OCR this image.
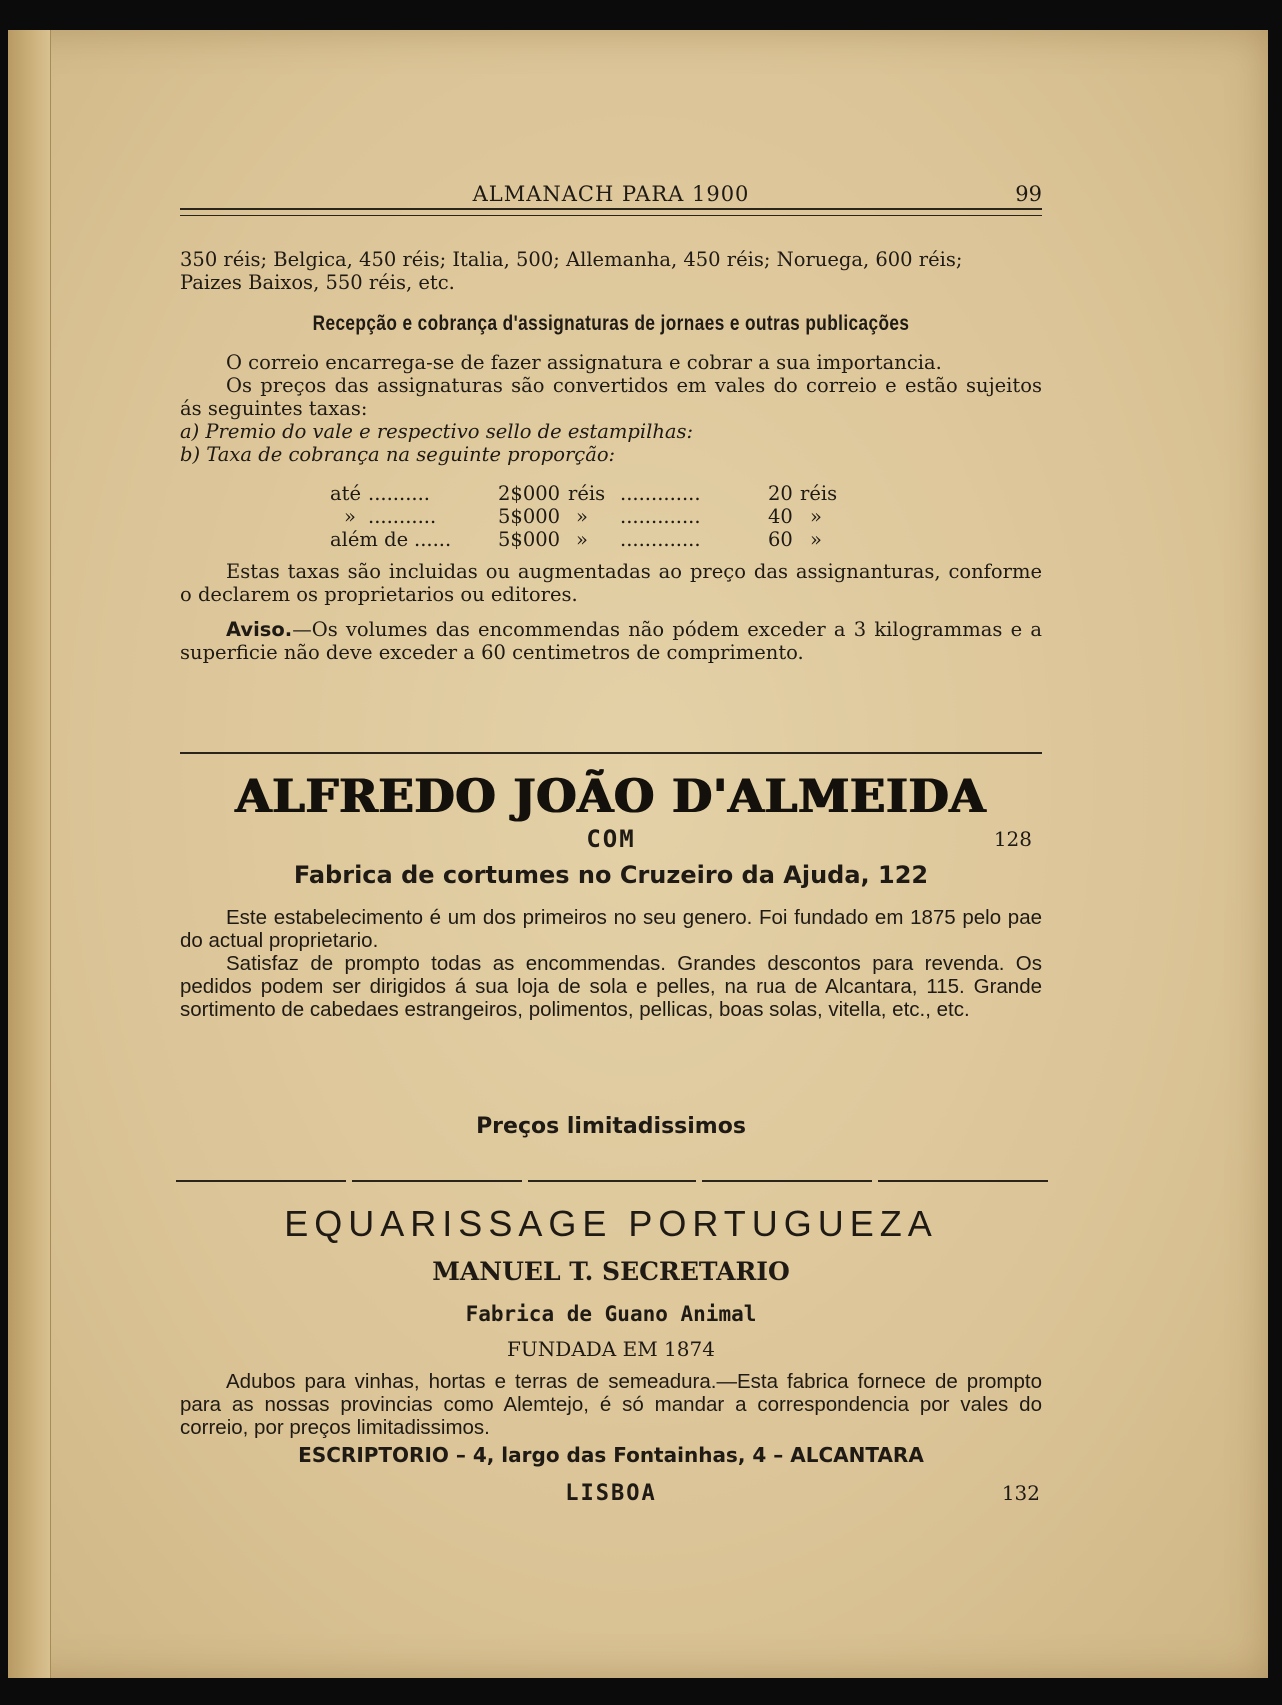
ALMANACH PARA 1900	99
350 réis; Belgica, 450 réis; Italia, 500; Allemanha, 450 réis; Noruega, 600 réis;
Paizes Baixos, 550 réis, etc.
Recepção e cobrança d'assignaturas de jornaes e outras publicações
O correio encarrega-se de fazer assignatura e cobrar a sua importancia.
Os preços das assignaturas são convertidos em vales do correio e estão sujeitos ás seguintes taxas:
a) Premio do vale e respectivo sello de estampilhas:
b) Taxa de cobrança na seguinte proporção:
até ..........	2$000 réis .............	20 réis
» ...........	5$000 » .............	40 »
além de ...... 5$000 » .............	60 »
Estas taxas são incluidas ou augmentadas ao preço das assignanturas, conforme o declarem os proprietarios ou editores.
Aviso.—Os volumes das encommendas não pódem exceder a 3 kilogrammas e a superficie não deve exceder a 60 centimetros de comprimento.
ALFREDO JOÃO D'ALMEIDA
COM	128
Fabrica de cortumes no Cruzeiro da Ajuda, 122
Este estabelecimento é um dos primeiros no seu genero. Foi fundado em 1875 pelo pae do actual proprietario.
Satisfaz de prompto todas as encommendas. Grandes descontos para revenda. Os pedidos podem ser dirigidos á sua loja de sola e pelles, na rua de Alcantara, 115. Grande sortimento de cabedaes estrangeiros, polimentos, pellicas, boas solas, vitella, etc., etc.
Preços limitadissimos
EQUARISSAGE PORTUGUEZA
MANUEL T. SECRETARIO
Fabrica de Guano Animal
FUNDADA EM 1874
Adubos para vinhas, hortas e terras de semeadura.—Esta fabrica fornece de prompto para as nossas provincias como Alemtejo, é só mandar a correspondencia por vales do correio, por preços limitadissimos.
ESCRIPTORIO – 4, largo das Fontainhas, 4 – ALCANTARA
LISBOA	132
